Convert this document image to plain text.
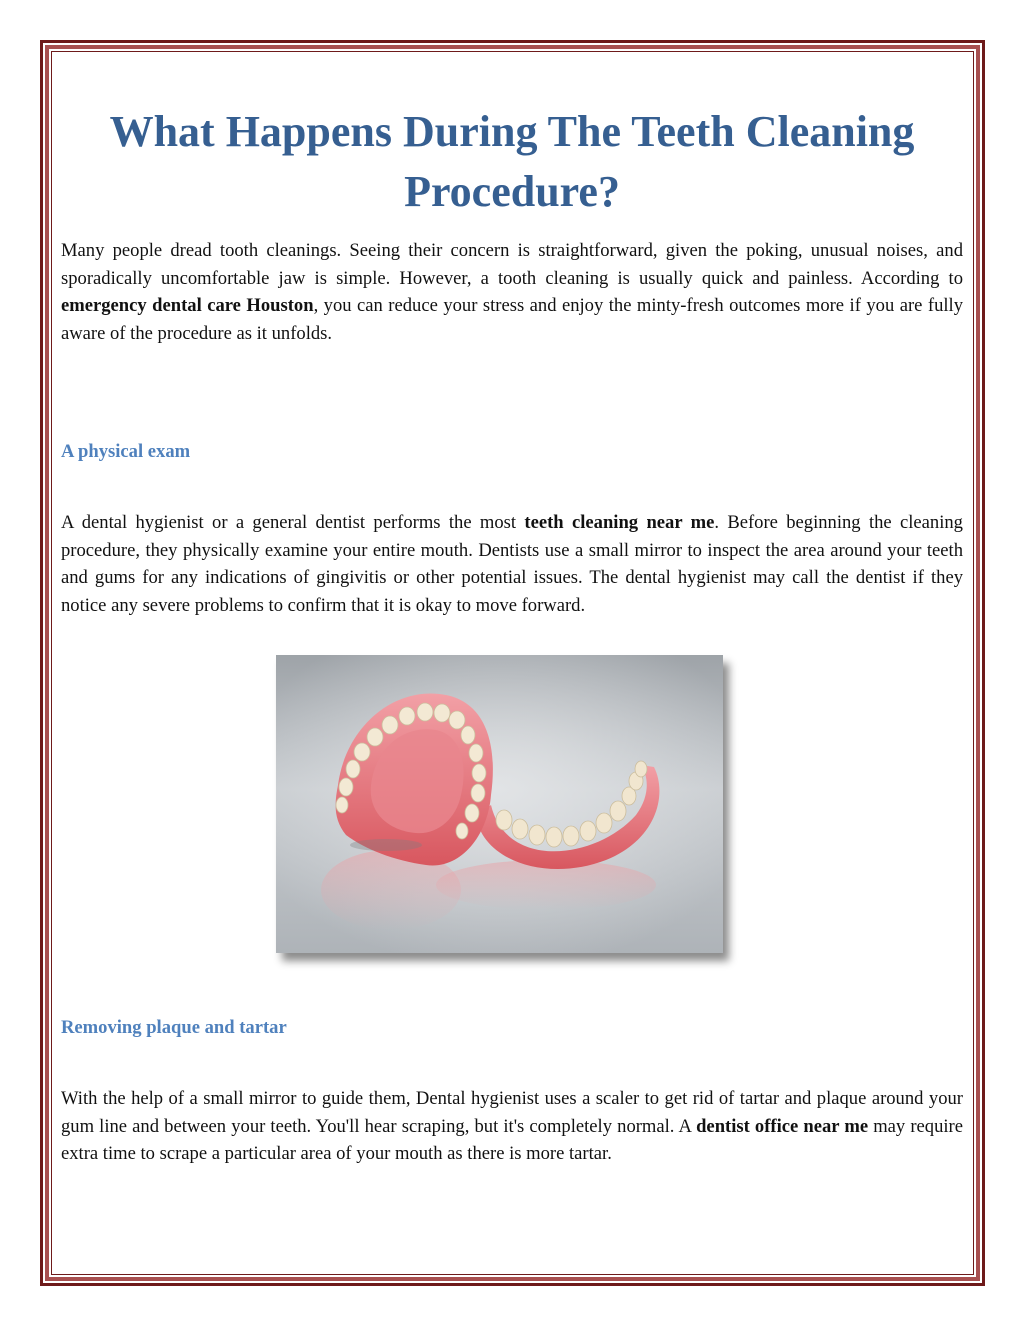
What Happens During The Teeth Cleaning Procedure?

Many people dread tooth cleanings. Seeing their concern is straightforward, given the poking, unusual noises, and sporadically uncomfortable jaw is simple. However, a tooth cleaning is usually quick and painless. According to emergency dental care Houston, you can reduce your stress and enjoy the minty-fresh outcomes more if you are fully aware of the procedure as it unfolds.

A physical exam

A dental hygienist or a general dentist performs the most teeth cleaning near me. Before beginning the cleaning procedure, they physically examine your entire mouth. Dentists use a small mirror to inspect the area around your teeth and gums for any indications of gingivitis or other potential issues. The dental hygienist may call the dentist if they notice any severe problems to confirm that it is okay to move forward.

Removing plaque and tartar

With the help of a small mirror to guide them, Dental hygienist uses a scaler to get rid of tartar and plaque around your gum line and between your teeth. You'll hear scraping, but it's completely normal. A dentist office near me may require extra time to scrape a particular area of your mouth as there is more tartar.
